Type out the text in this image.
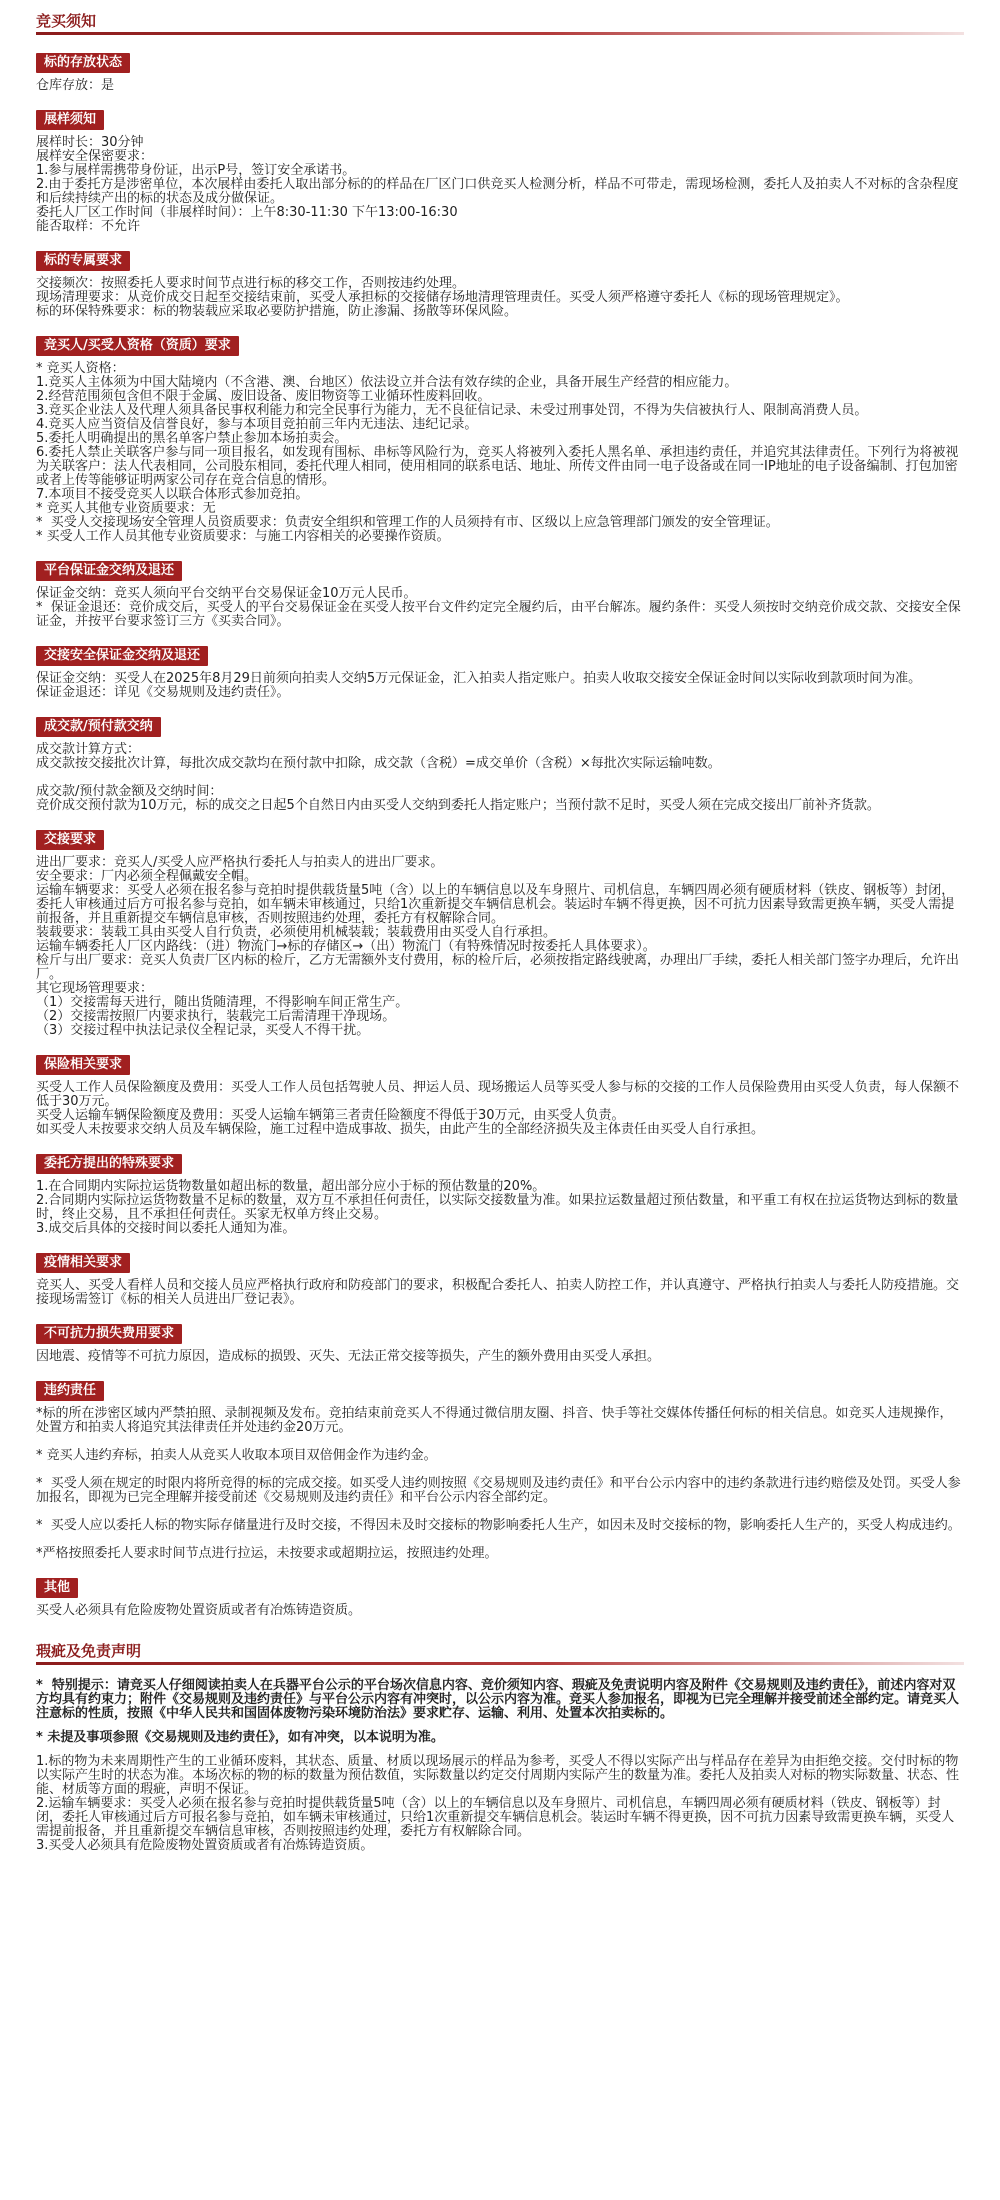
竞买须知
标的存放状态

仓库存放：是

展样须知

展样时长：30分钟
展样安全保密要求：
1.参与展样需携带身份证，出示P号，签订安全承诺书。
2.由于委托方是涉密单位，本次展样由委托人取出部分标的的样品在厂区门口供竞买人检测分析，样品不可带走，需现场检测，委托人及拍卖人不对标的含杂程度和后续持续产出的标的状态及成分做保证。
委托人厂区工作时间（非展样时间）：上午8:30-11:30 下午13:00-16:30
能否取样：不允许

标的专属要求

交接频次：按照委托人要求时间节点进行标的移交工作，否则按违约处理。
现场清理要求：从竞价成交日起至交接结束前，买受人承担标的交接储存场地清理管理责任。买受人须严格遵守委托人《标的现场管理规定》。
标的环保特殊要求：标的物装载应采取必要防护措施，防止渗漏、扬散等环保风险。

竞买人/买受人资格（资质）要求

* 竞买人资格：
1.竞买人主体须为中国大陆境内（不含港、澳、台地区）依法设立并合法有效存续的企业，具备开展生产经营的相应能力。
2.经营范围须包含但不限于金属、废旧设备、废旧物资等工业循环性废料回收。
3.竞买企业法人及代理人须具备民事权利能力和完全民事行为能力，无不良征信记录、未受过刑事处罚，不得为失信被执行人、限制高消费人员。
4.竞买人应当资信及信誉良好，参与本项目竞拍前三年内无违法、违纪记录。
5.委托人明确提出的黑名单客户禁止参加本场拍卖会。
6.委托人禁止关联客户参与同一项目报名，如发现有围标、串标等风险行为，竞买人将被列入委托人黑名单、承担违约责任，并追究其法律责任。下列行为将被视为关联客户：法人代表相同，公司股东相同，委托代理人相同，使用相同的联系电话、地址、所传文件由同一电子设备或在同一IP地址的电子设备编制、打包加密或者上传等能够证明两家公司存在竞合信息的情形。
7.本项目不接受竞买人以联合体形式参加竞拍。
* 竞买人其他专业资质要求：无
*  买受人交接现场安全管理人员资质要求：负责安全组织和管理工作的人员须持有市、区级以上应急管理部门颁发的安全管理证。
* 买受人工作人员其他专业资质要求：与施工内容相关的必要操作资质。

平台保证金交纳及退还

保证金交纳：竞买人须向平台交纳平台交易保证金10万元人民币。
*  保证金退还：竞价成交后，买受人的平台交易保证金在买受人按平台文件约定完全履约后，由平台解冻。履约条件：买受人须按时交纳竞价成交款、交接安全保证金，并按平台要求签订三方《买卖合同》。

交接安全保证金交纳及退还

保证金交纳：买受人在2025年8月29日前须向拍卖人交纳5万元保证金，汇入拍卖人指定账户。拍卖人收取交接安全保证金时间以实际收到款项时间为准。
保证金退还：详见《交易规则及违约责任》。

成交款/预付款交纳

成交款计算方式：
成交款按交接批次计算，每批次成交款均在预付款中扣除，成交款（含税）=成交单价（含税）×每批次实际运输吨数。

成交款/预付款金额及交纳时间：
竞价成交预付款为10万元，标的成交之日起5个自然日内由买受人交纳到委托人指定账户；当预付款不足时，买受人须在完成交接出厂前补齐货款。

交接要求

进出厂要求：竞买人/买受人应严格执行委托人与拍卖人的进出厂要求。
安全要求：厂内必须全程佩戴安全帽。
运输车辆要求：买受人必须在报名参与竞拍时提供载货量5吨（含）以上的车辆信息以及车身照片、司机信息，车辆四周必须有硬质材料（铁皮、钢板等）封闭，委托人审核通过后方可报名参与竞拍，如车辆未审核通过，只给1次重新提交车辆信息机会。装运时车辆不得更换，因不可抗力因素导致需更换车辆，买受人需提前报备，并且重新提交车辆信息审核，否则按照违约处理，委托方有权解除合同。
装载要求：装载工具由买受人自行负责，必须使用机械装载；装载费用由买受人自行承担。
运输车辆委托人厂区内路线：（进）物流门→标的存储区→（出）物流门（有特殊情况时按委托人具体要求）。
检斤与出厂要求：竞买人负责厂区内标的检斤，乙方无需额外支付费用，标的检斤后，必须按指定路线驶离，办理出厂手续，委托人相关部门签字办理后，允许出厂。
其它现场管理要求：
（1）交接需每天进行，随出货随清理，不得影响车间正常生产。
（2）交接需按照厂内要求执行，装载完工后需清理干净现场。
（3）交接过程中执法记录仪全程记录，买受人不得干扰。

保险相关要求

买受人工作人员保险额度及费用：买受人工作人员包括驾驶人员、押运人员、现场搬运人员等买受人参与标的交接的工作人员保险费用由买受人负责，每人保额不低于30万元。
买受人运输车辆保险额度及费用：买受人运输车辆第三者责任险额度不得低于30万元，由买受人负责。
如买受人未按要求交纳人员及车辆保险，施工过程中造成事故、损失，由此产生的全部经济损失及主体责任由买受人自行承担。

委托方提出的特殊要求

1.在合同期内实际拉运货物数量如超出标的数量，超出部分应小于标的预估数量的20%。
2.合同期内实际拉运货物数量不足标的数量，双方互不承担任何责任，以实际交接数量为准。如果拉运数量超过预估数量，和平重工有权在拉运货物达到标的数量时，终止交易，且不承担任何责任。买家无权单方终止交易。
3.成交后具体的交接时间以委托人通知为准。

疫情相关要求

竞买人、买受人看样人员和交接人员应严格执行政府和防疫部门的要求，积极配合委托人、拍卖人防控工作，并认真遵守、严格执行拍卖人与委托人防疫措施。交接现场需签订《标的相关人员进出厂登记表》。

不可抗力损失费用要求

因地震、疫情等不可抗力原因，造成标的损毁、灭失、无法正常交接等损失，产生的额外费用由买受人承担。

违约责任

*标的所在涉密区域内严禁拍照、录制视频及发布。竞拍结束前竞买人不得通过微信朋友圈、抖音、快手等社交媒体传播任何标的相关信息。如竞买人违规操作，处置方和拍卖人将追究其法律责任并处违约金20万元。

* 竞买人违约弃标，拍卖人从竞买人收取本项目双倍佣金作为违约金。

*  买受人须在规定的时限内将所竞得的标的完成交接。如买受人违约则按照《交易规则及违约责任》和平台公示内容中的违约条款进行违约赔偿及处罚。买受人参加报名，即视为已完全理解并接受前述《交易规则及违约责任》和平台公示内容全部约定。

*  买受人应以委托人标的物实际存储量进行及时交接，不得因未及时交接标的物影响委托人生产，如因未及时交接标的物，影响委托人生产的，买受人构成违约。

*严格按照委托人要求时间节点进行拉运，未按要求或超期拉运，按照违约处理。

其他

买受人必须具有危险废物处置资质或者有冶炼铸造资质。

瑕疵及免责声明

*  特别提示：请竞买人仔细阅读拍卖人在兵器平台公示的平台场次信息内容、竞价须知内容、瑕疵及免责说明内容及附件《交易规则及违约责任》，前述内容对双方均具有约束力；附件《交易规则及违约责任》与平台公示内容有冲突时，以公示内容为准。竞买人参加报名，即视为已完全理解并接受前述全部约定。请竞买人注意标的性质，按照《中华人民共和国固体废物污染环境防治法》要求贮存、运输、利用、处置本次拍卖标的。

* 未提及事项参照《交易规则及违约责任》，如有冲突，以本说明为准。

1.标的物为未来周期性产生的工业循环废料，其状态、质量、材质以现场展示的样品为参考，买受人不得以实际产出与样品存在差异为由拒绝交接。交付时标的物以实际产生时的状态为准。本场次标的物的标的数量为预估数值，实际数量以约定交付周期内实际产生的数量为准。委托人及拍卖人对标的物实际数量、状态、性能、材质等方面的瑕疵，声明不保证。
2.运输车辆要求：买受人必须在报名参与竞拍时提供载货量5吨（含）以上的车辆信息以及车身照片、司机信息，车辆四周必须有硬质材料（铁皮、钢板等）封闭，委托人审核通过后方可报名参与竞拍，如车辆未审核通过，只给1次重新提交车辆信息机会。装运时车辆不得更换，因不可抗力因素导致需更换车辆，买受人需提前报备，并且重新提交车辆信息审核，否则按照违约处理，委托方有权解除合同。
3.买受人必须具有危险废物处置资质或者有冶炼铸造资质。
